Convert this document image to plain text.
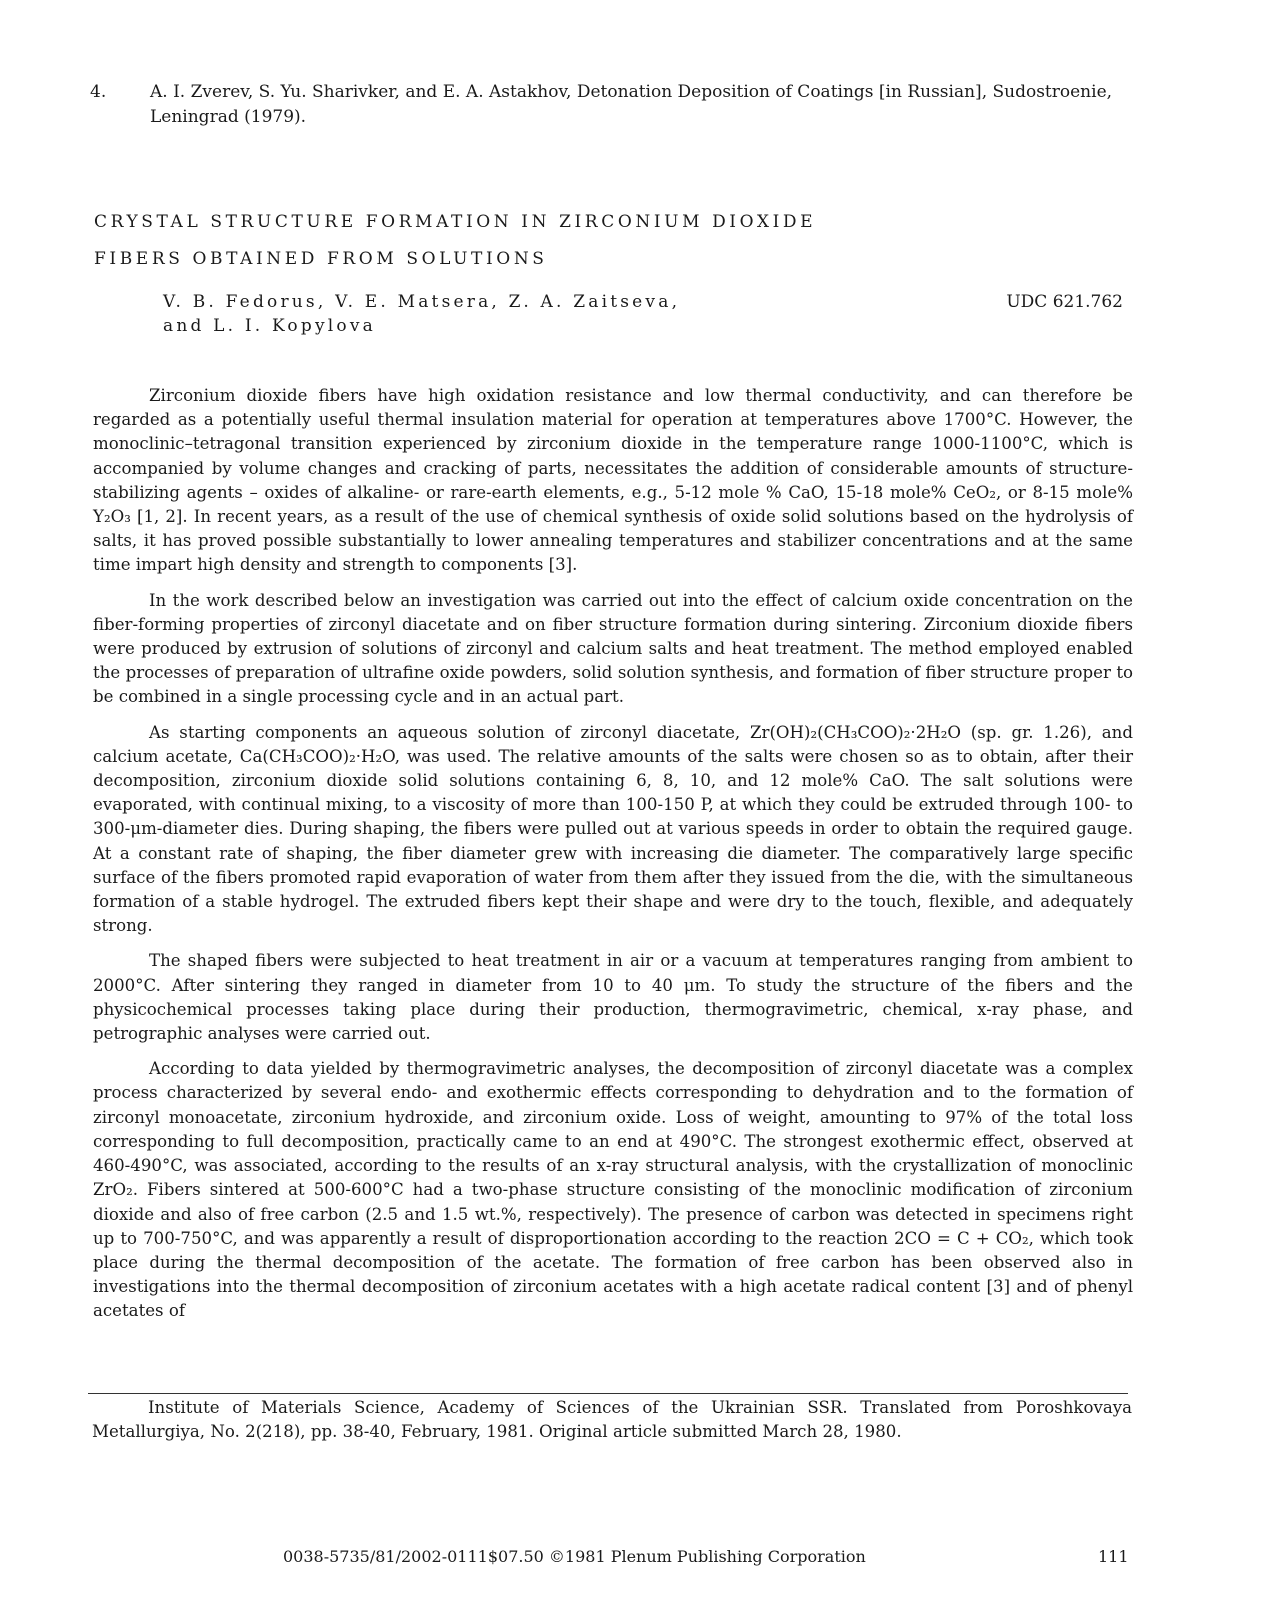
4.	A. I. Zverev, S. Yu. Sharivker, and E. A. Astakhov, Detonation Deposition of Coatings [in Russian], Sudostroenie, Leningrad (1979).
CRYSTAL STRUCTURE FORMATION IN ZIRCONIUM DIOXIDE
FIBERS OBTAINED FROM SOLUTIONS
V. B. Fedorus, V. E. Matsera, Z. A. Zaitseva,
and L. I. Kopylova
UDC 621.762

Zirconium dioxide fibers have high oxidation resistance and low thermal conductivity, and can therefore be regarded as a potentially useful thermal insulation material for operation at temperatures above 1700°C. However, the monoclinic–tetragonal transition experienced by zirconium dioxide in the temperature range 1000-1100°C, which is accompanied by volume changes and cracking of parts, necessitates the addition of considerable amounts of structure-stabilizing agents – oxides of alkaline- or rare-earth elements, e.g., 5-12 mole % CaO, 15-18 mole% CeO₂, or 8-15 mole% Y₂O₃ [1, 2]. In recent years, as a result of the use of chemical synthesis of oxide solid solutions based on the hydrolysis of salts, it has proved possible substantially to lower annealing temperatures and stabilizer concentrations and at the same time impart high density and strength to components [3].

In the work described below an investigation was carried out into the effect of calcium oxide concentration on the fiber-forming properties of zirconyl diacetate and on fiber structure formation during sintering. Zirconium dioxide fibers were produced by extrusion of solutions of zirconyl and calcium salts and heat treatment. The method employed enabled the processes of preparation of ultrafine oxide powders, solid solution synthesis, and formation of fiber structure proper to be combined in a single processing cycle and in an actual part.

As starting components an aqueous solution of zirconyl diacetate, Zr(OH)₂(CH₃COO)₂·2H₂O (sp. gr. 1.26), and calcium acetate, Ca(CH₃COO)₂·H₂O, was used. The relative amounts of the salts were chosen so as to obtain, after their decomposition, zirconium dioxide solid solutions containing 6, 8, 10, and 12 mole% CaO. The salt solutions were evaporated, with continual mixing, to a viscosity of more than 100-150 P, at which they could be extruded through 100- to 300-μm-diameter dies. During shaping, the fibers were pulled out at various speeds in order to obtain the required gauge. At a constant rate of shaping, the fiber diameter grew with increasing die diameter. The comparatively large specific surface of the fibers promoted rapid evaporation of water from them after they issued from the die, with the simultaneous formation of a stable hydrogel. The extruded fibers kept their shape and were dry to the touch, flexible, and adequately strong.

The shaped fibers were subjected to heat treatment in air or a vacuum at temperatures ranging from ambient to 2000°C. After sintering they ranged in diameter from 10 to 40 μm. To study the structure of the fibers and the physicochemical processes taking place during their production, thermogravimetric, chemical, x-ray phase, and petrographic analyses were carried out.

According to data yielded by thermogravimetric analyses, the decomposition of zirconyl diacetate was a complex process characterized by several endo- and exothermic effects corresponding to dehydration and to the formation of zirconyl monoacetate, zirconium hydroxide, and zirconium oxide. Loss of weight, amounting to 97% of the total loss corresponding to full decomposition, practically came to an end at 490°C. The strongest exothermic effect, observed at 460-490°C, was associated, according to the results of an x-ray structural analysis, with the crystallization of monoclinic ZrO₂. Fibers sintered at 500-600°C had a two-phase structure consisting of the monoclinic modification of zirconium dioxide and also of free carbon (2.5 and 1.5 wt.%, respectively). The presence of carbon was detected in specimens right up to 700-750°C, and was apparently a result of disproportionation according to the reaction 2CO = C + CO₂, which took place during the thermal decomposition of the acetate. The formation of free carbon has been observed also in investigations into the thermal decomposition of zirconium acetates with a high acetate radical content [3] and of phenyl acetates of

Institute of Materials Science, Academy of Sciences of the Ukrainian SSR. Translated from Poroshkovaya Metallurgiya, No. 2(218), pp. 38-40, February, 1981. Original article submitted March 28, 1980.
0038-5735/81/2002-0111$07.50 ©1981 Plenum Publishing Corporation	111
